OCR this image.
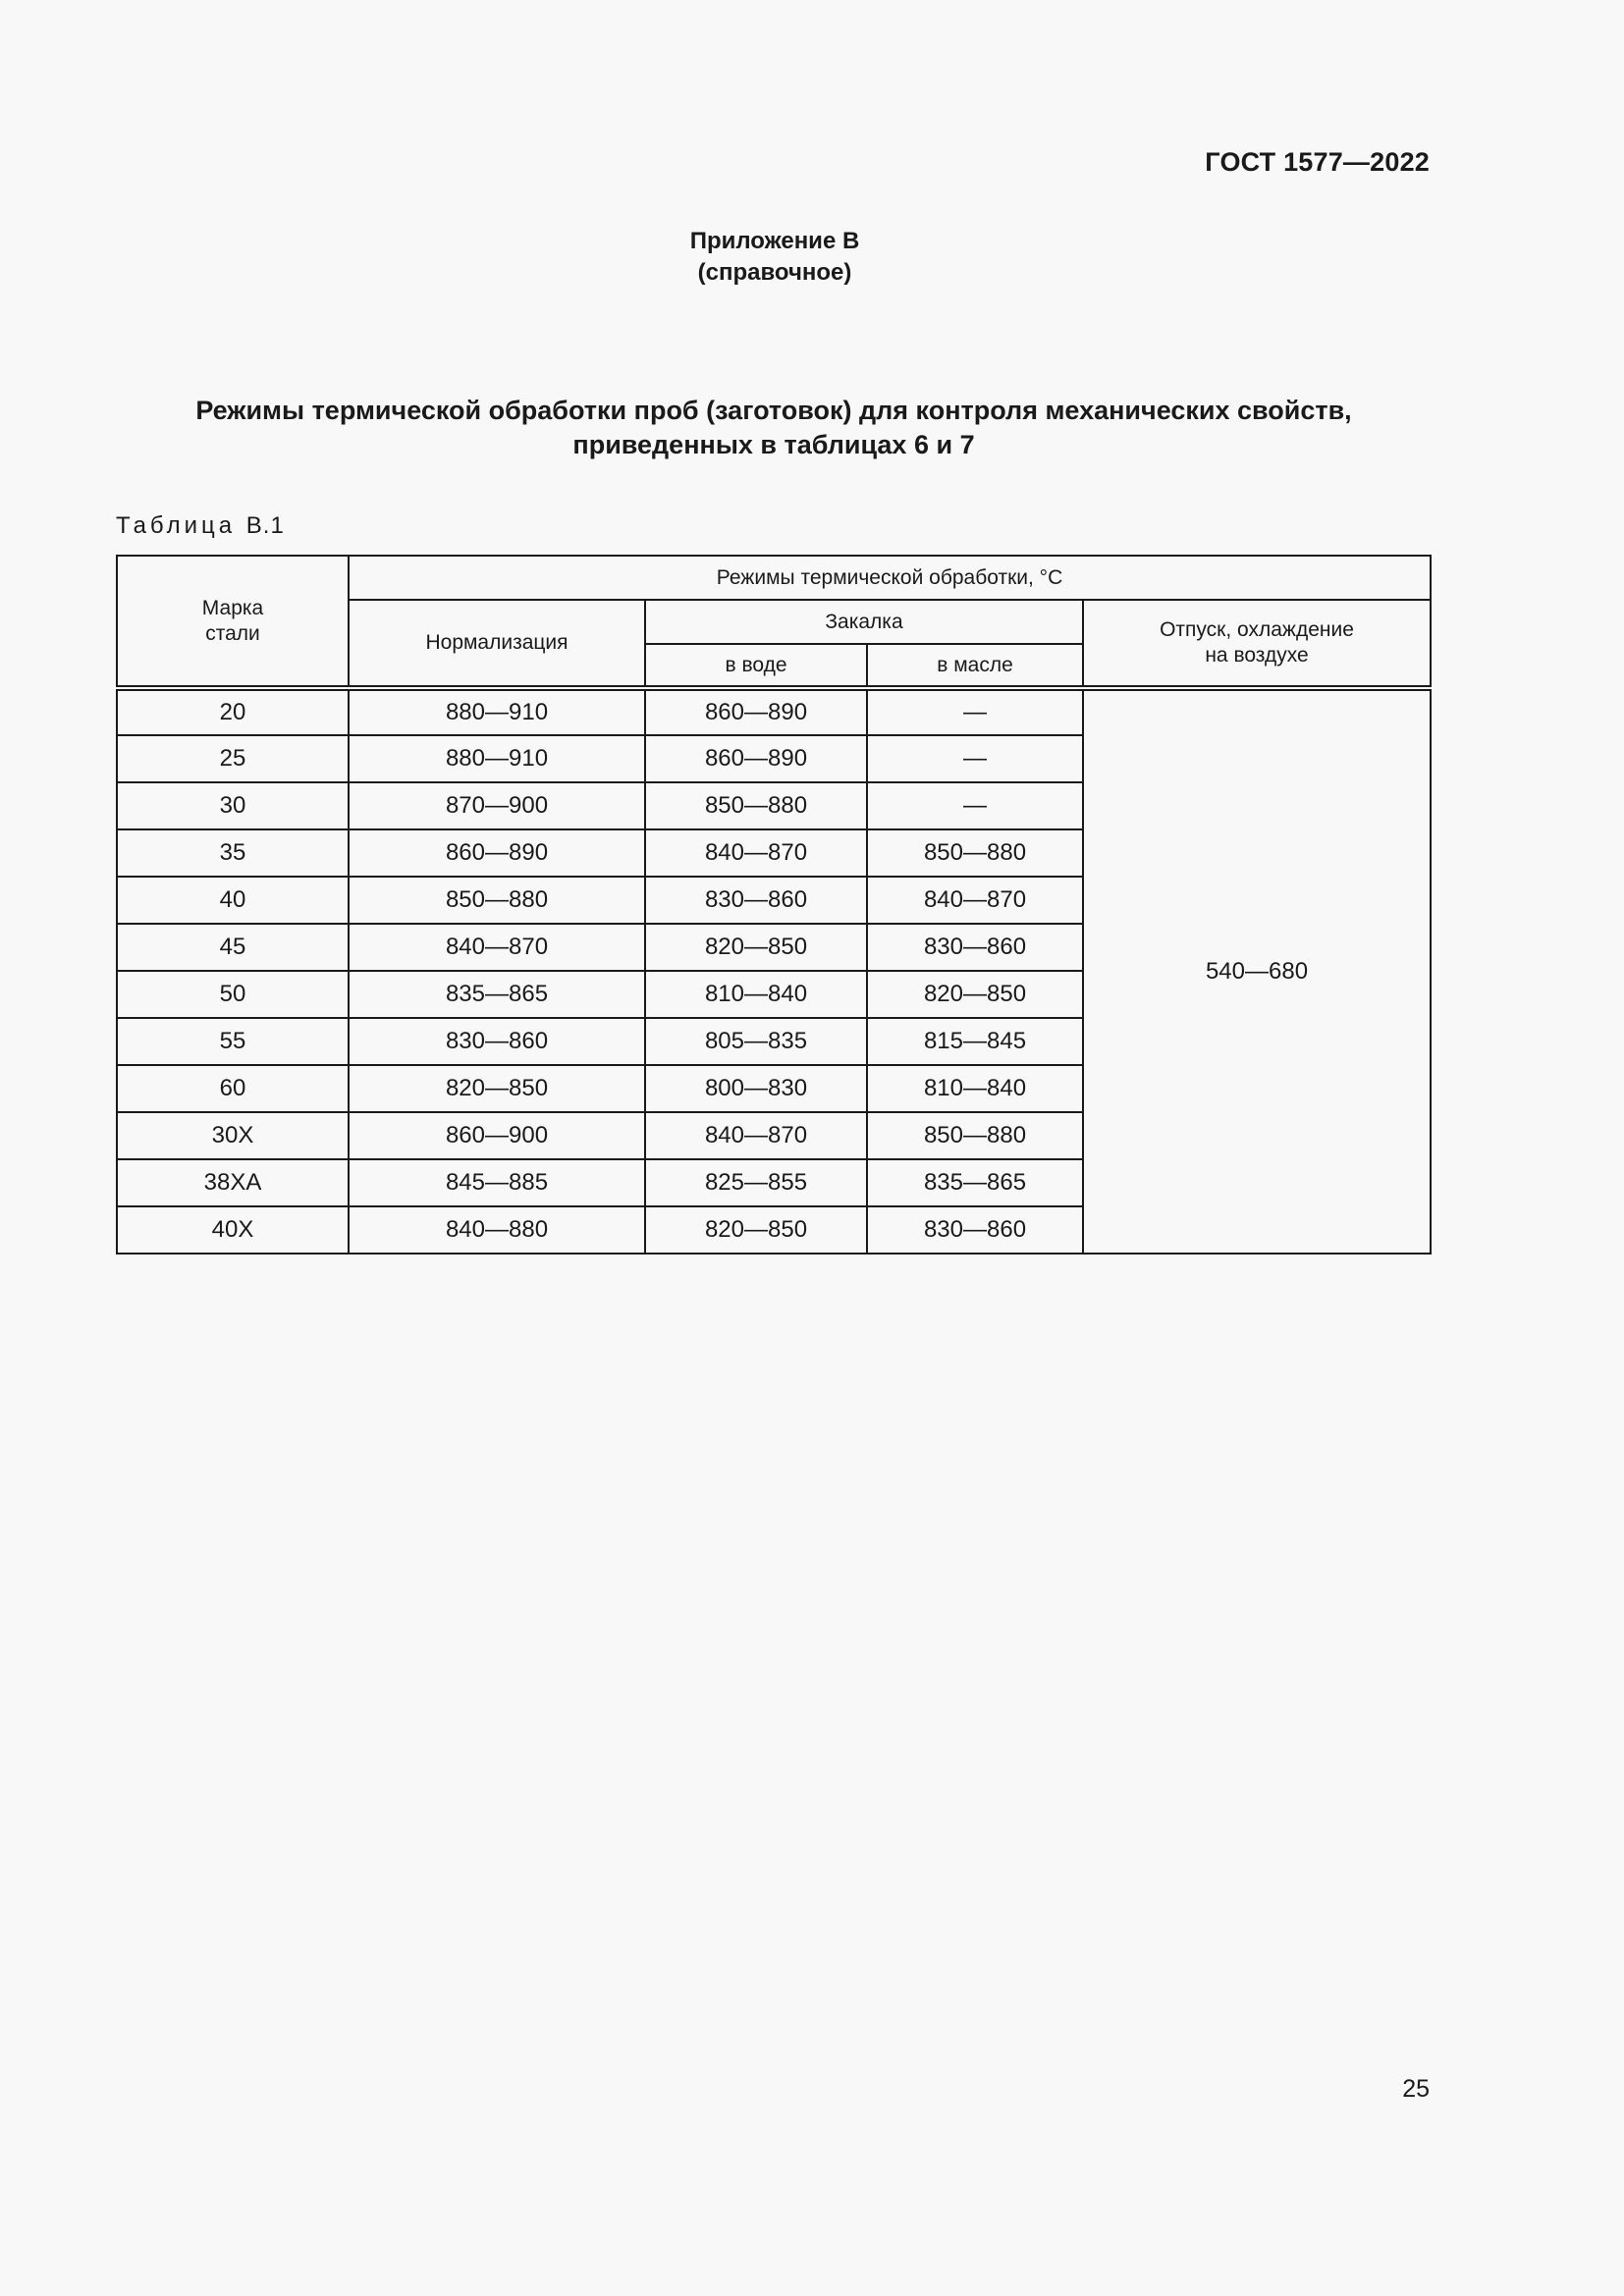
ГОСТ 1577—2022
Приложение В
(справочное)
Режимы термической обработки проб (заготовок) для контроля механических свойств,
приведенных в таблицах 6 и 7
Таблица В.1
Марка
стали	Режимы термической обработки, °С			
	Нормализация	Закалка		Отпуск, охлаждение
на воздухе
		в воде	в масле	
20	880—910	860—890	—	540—680
25	880—910	860—890	—	
30	870—900	850—880	—	
35	860—890	840—870	850—880	
40	850—880	830—860	840—870	
45	840—870	820—850	830—860	
50	835—865	810—840	820—850	
55	830—860	805—835	815—845	
60	820—850	800—830	810—840	
30Х	860—900	840—870	850—880	
38ХА	845—885	825—855	835—865	
40Х	840—880	820—850	830—860	
25
